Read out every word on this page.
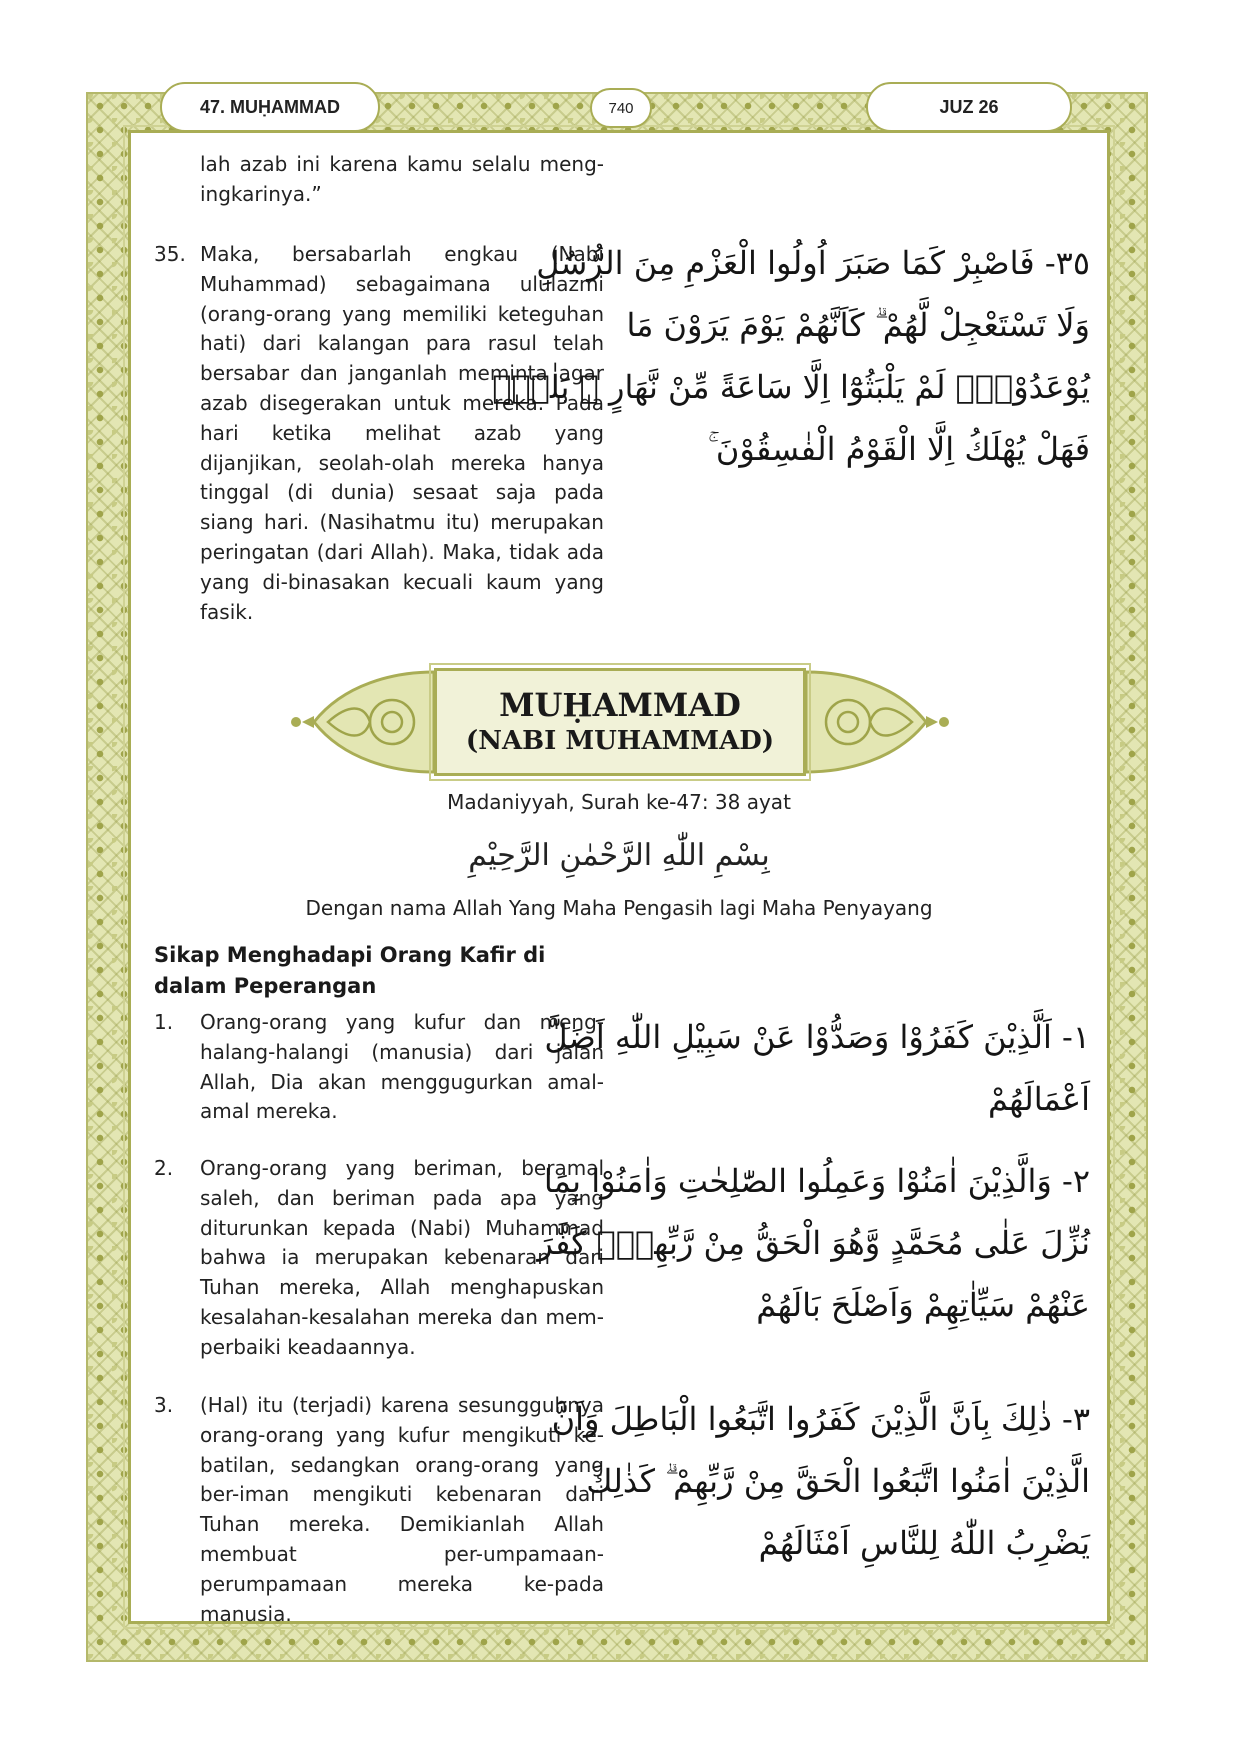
47. MUḤAMMAD	740	JUZ 26
lah azab ini karena kamu selalu meng-ingkarinya.”
35. Maka, bersabarlah engkau (Nabi Muhammad) sebagaimana ululazmi (orang-orang yang memiliki keteguhan hati) dari kalangan para rasul telah bersabar dan janganlah meminta agar azab disegerakan untuk mereka. Pada hari ketika melihat azab yang dijanjikan, seolah-olah mereka hanya tinggal (di dunia) sesaat saja pada siang hari. (Nasihatmu itu) merupakan peringatan (dari Allah). Maka, tidak ada yang di-binasakan kecuali kaum yang fasik.
٣٥- فَاصْبِرْ كَمَا صَبَرَ اُولُوا الْعَزْمِ مِنَ الرُّسُلِ
وَلَا تَسْتَعْجِلْ لَّهُمْ ۗ كَاَنَّهُمْ يَوْمَ يَرَوْنَ مَا
يُوْعَدُوْنَۙ لَمْ يَلْبَثُوْٓا اِلَّا سَاعَةً مِّنْ نَّهَارٍ ۗ بَلٰغٌۚ
فَهَلْ يُهْلَكُ اِلَّا الْقَوْمُ الْفٰسِقُوْنَ ۚ
MUḤAMMAD
(NABI MUHAMMAD)
Madaniyyah, Surah ke-47: 38 ayat
بِسْمِ اللّٰهِ الرَّحْمٰنِ الرَّحِيْمِ
Dengan nama Allah Yang Maha Pengasih lagi Maha Penyayang
Sikap Menghadapi Orang Kafir di dalam Peperangan
1. Orang-orang yang kufur dan meng-halang-halangi (manusia) dari jalan Allah, Dia akan menggugurkan amal-amal mereka.
١- اَلَّذِيْنَ كَفَرُوْا وَصَدُّوْا عَنْ سَبِيْلِ اللّٰهِ اَضَلَّ
اَعْمَالَهُمْ
2. Orang-orang yang beriman, beramal saleh, dan beriman pada apa yang diturunkan kepada (Nabi) Muhammad bahwa ia merupakan kebenaran dari Tuhan mereka, Allah menghapuskan kesalahan-kesalahan mereka dan mem-perbaiki keadaannya.
٢- وَالَّذِيْنَ اٰمَنُوْا وَعَمِلُوا الصّٰلِحٰتِ وَاٰمَنُوْا بِمَا
نُزِّلَ عَلٰى مُحَمَّدٍ وَّهُوَ الْحَقُّ مِنْ رَّبِّهِمْۙ كَفَّرَ
عَنْهُمْ سَيِّاٰتِهِمْ وَاَصْلَحَ بَالَهُمْ
3. (Hal) itu (terjadi) karena sesungguhnya orang-orang yang kufur mengikuti ke-batilan, sedangkan orang-orang yang ber-iman mengikuti kebenaran dari Tuhan mereka. Demikianlah Allah membuat per-umpamaan-perumpamaan mereka ke-pada manusia.
٣- ذٰلِكَ بِاَنَّ الَّذِيْنَ كَفَرُوا اتَّبَعُوا الْبَاطِلَ وَاَنَّ
الَّذِيْنَ اٰمَنُوا اتَّبَعُوا الْحَقَّ مِنْ رَّبِّهِمْ ۗ كَذٰلِكَ
يَضْرِبُ اللّٰهُ لِلنَّاسِ اَمْثَالَهُمْ
